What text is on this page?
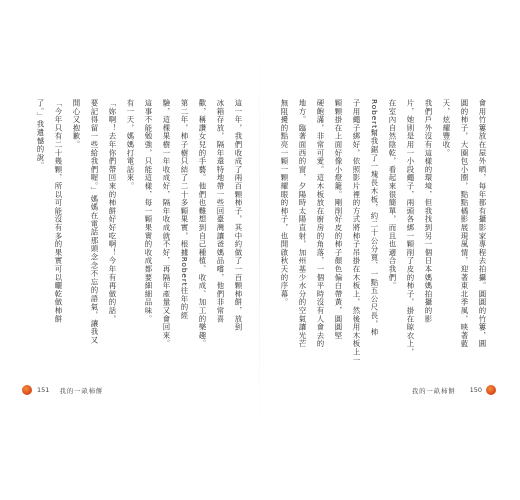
這一年，我們收成了兩百顆柿子，其中約做了一百顆柿餅，放到
冰箱存放，隔年還特地帶一些回臺灣讓爸媽品嚐，他們非常喜
歡，稱讚女兒的手藝。他們也難想到自己種植、收成、加工的樂趣。
第二年，柿子樹只結了二十多顆果實，根據Robert往年的經
驗，這棵果樹一年收成好，隔年收成就不好，再隔年產量又會回來。
這事不能勉強，只能這樣，每一顆果實的收成都要細細品味。
有一天，媽媽打電話來。
「妳啊！去年你們帶回來的柿餅好好吃啊！今年有再做的話，
要記得留一些給我們喔。」媽媽在電話那頭念念不忘的語氣，讓我又
開心又抱歉。
「今年只有二十幾顆，所以可能沒有多的果實可以曬乾做柿餅
了。」我遺憾的說。	會用竹簍放在屋外晒，每年都有攝影家專程去拍攝。圓圓的竹簍，圓
圓的柿子，大圈包小圈，點點橘影展現風情，迎著東北季風，映著藍
天，炫耀豐收。
我們戶外沒有這樣的環境，但我找到另一個日本媽媽拍攝的影
片，她則是用一小段繩子，兩頭各綁一顆削了皮的柿子，掛在晾衣上，
在室內自然陰乾，看起來很簡單，而且也適合我們。
Robert幫我鋸了一塊長木板，約二十公分寬、一點五公尺長，柿
子用繩子綁好，依照影片裡的方式將柿子吊掛在木板上，然後用木板上一
顆顆掛在上面好像小燈籠。剛削好皮的柿子顏色偏白帶黃，圓圓堅
硬飽滿，非常可愛。這木板放在廚房的角落，一個平時沒有人會去的
地方。臨著面西的窗，夕陽時太陽直射，加州基少水分的空氣讓光芒
無阻擾的點亮一顆一顆耀眼的柿子，也開啟秋天的序幕。
151 我的一畝柿餅	我的一畝柿餅 150
